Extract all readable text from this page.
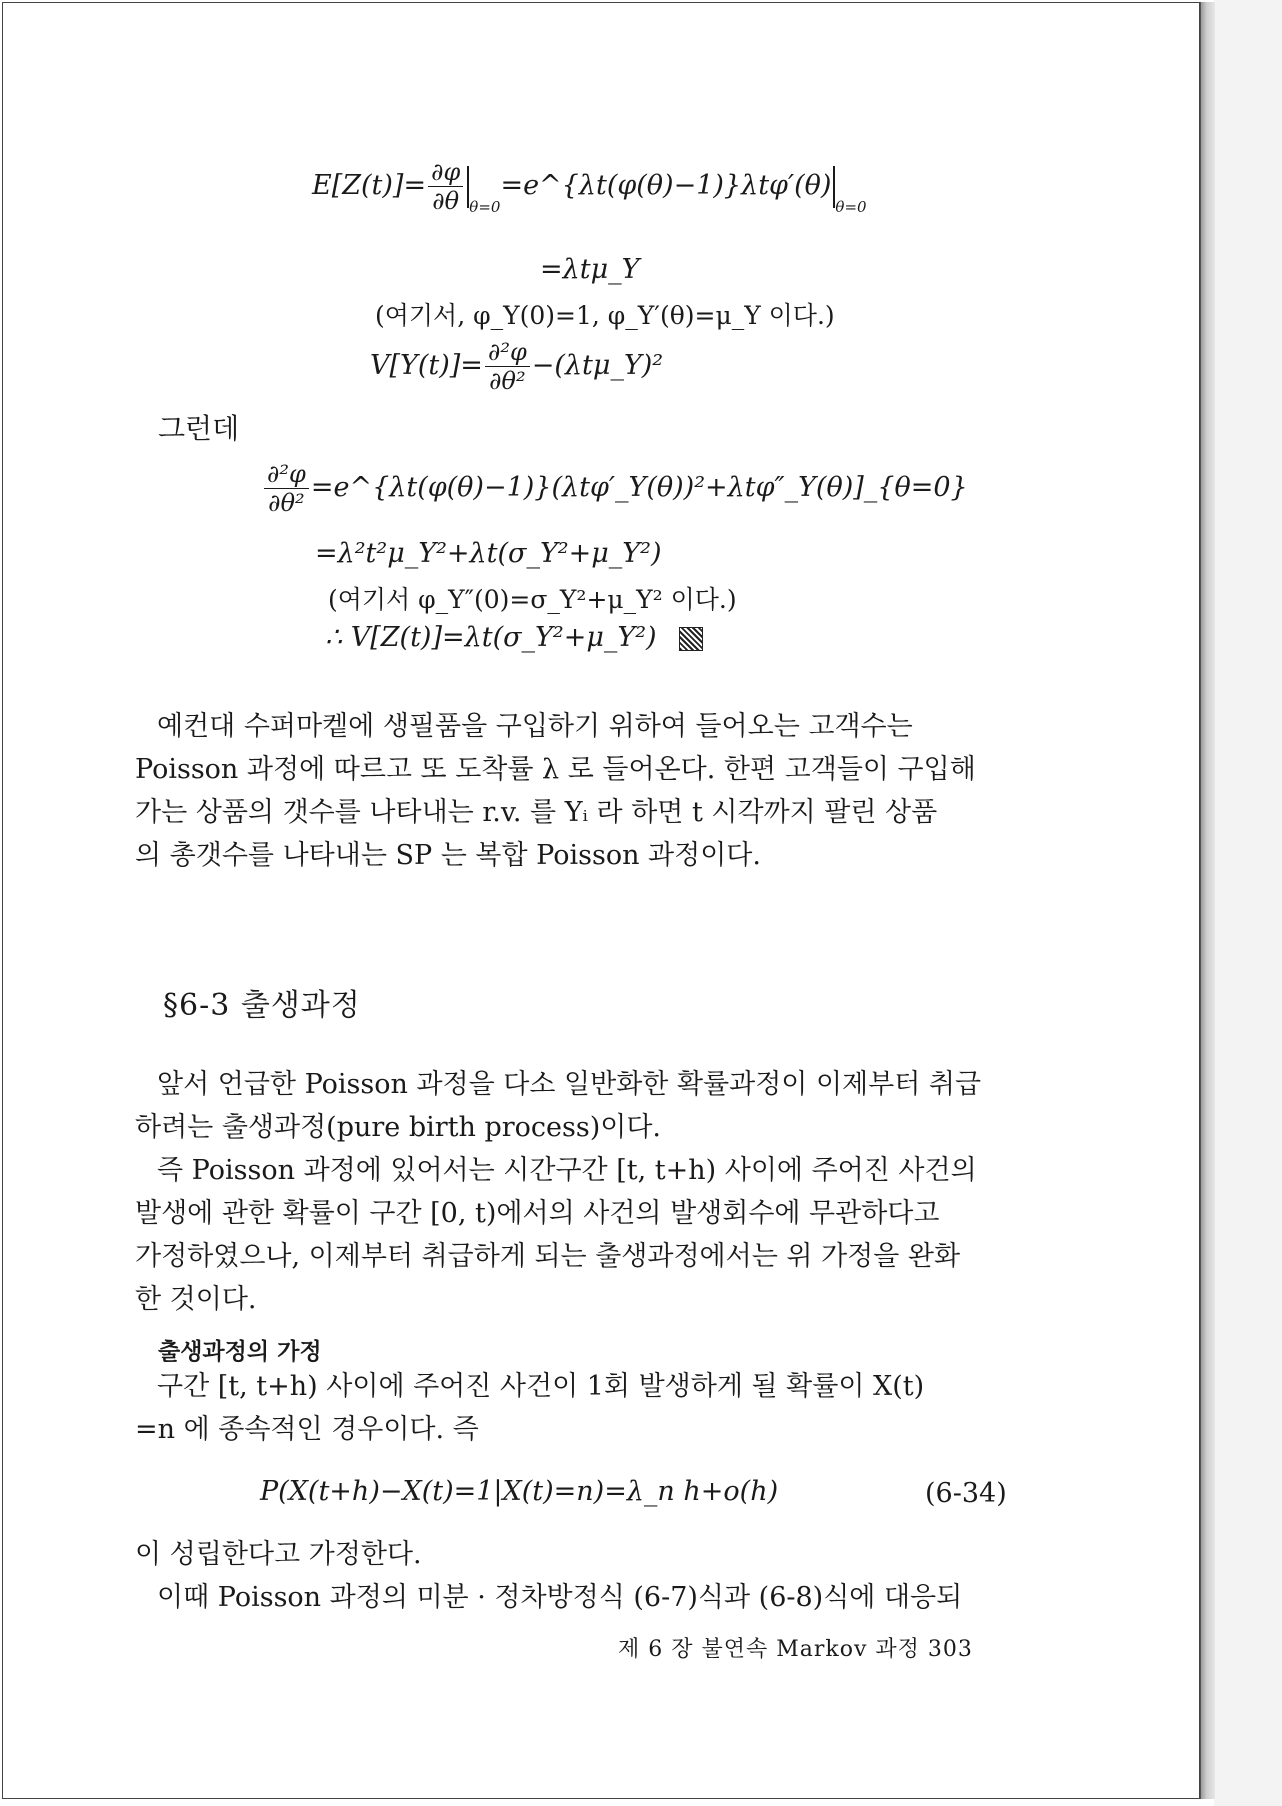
$E[Z(t)]= \frac{\partial\varphi}{\partial\theta}$ $_{\theta=0}=e\^{}\{\lambda t(\varphi(\theta)-1)\}\lambda t\varphi'(\theta)_{\theta=0}$
=λtμ_Y
(여기서, φ_Y(0)=1, φ_Y′(θ)=μ_Y 이다.)
$V[Y(t)]= \frac{\text{∂²φ}}{\text{∂θ²}}$ −(λtμ_Y)²
그런데
$\frac{\text{∂²φ}}{\text{∂θ²}}$ =e^{λt(φ(θ)−1)}(λtφ′_Y(θ))²+λtφ″_Y(θ)]_{θ=0}
=λ²t²μ_Y²+λt(σ_Y²+μ_Y²)
(여기서 φ_Y″(0)=σ_Y²+μ_Y² 이다.)
∴ V[Z(t)]=λt(σ_Y²+μ_Y²)
예컨대 수퍼마켙에 생필품을 구입하기 위하여 들어오는 고객수는
Poisson 과정에 따르고 또 도착률 λ 로 들어온다. 한편 고객들이 구입해
가는 상품의 갯수를 나타내는 r.v. 를 Yᵢ 라 하면 t 시각까지 팔린 상품
의 총갯수를 나타내는 SP 는 복합 Poisson 과정이다.
§6-3 출생과정
앞서 언급한 Poisson 과정을 다소 일반화한 확률과정이 이제부터 취급
하려는 출생과정(pure birth process)이다.
즉 Poisson 과정에 있어서는 시간구간 [t, t+h) 사이에 주어진 사건의
발생에 관한 확률이 구간 [0, t)에서의 사건의 발생회수에 무관하다고
가정하였으나, 이제부터 취급하게 되는 출생과정에서는 위 가정을 완화
한 것이다.
출생과정의 가정
구간 [t, t+h) 사이에 주어진 사건이 1회 발생하게 될 확률이 X(t)
=n 에 종속적인 경우이다. 즉
P(X(t+h)−X(t)=1|X(t)=n)=λ_n h+o(h)	(6-34)
이 성립한다고 가정한다.
이때 Poisson 과정의 미분 · 정차방정식 (6-7)식과 (6-8)식에 대응되
제 6 장 불연속 Markov 과정 303
